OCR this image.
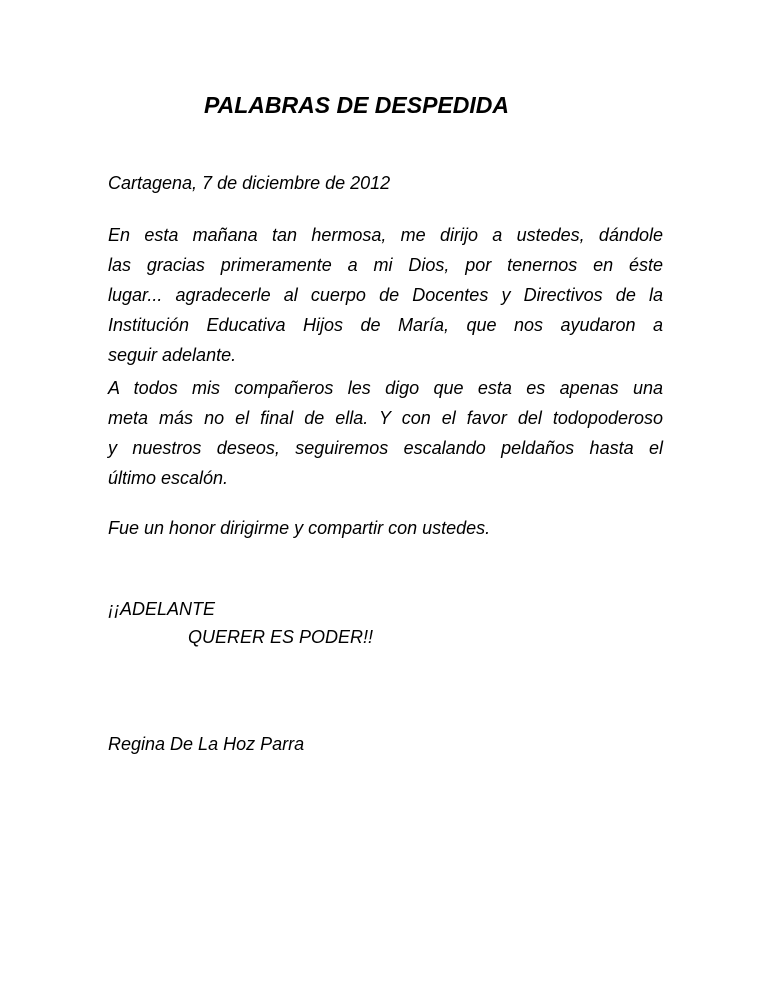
PALABRAS DE DESPEDIDA
Cartagena, 7 de diciembre de 2012
En esta mañana tan hermosa, me dirijo a ustedes, dándole
las gracias primeramente a mi Dios, por tenernos en éste
lugar... agradecerle al cuerpo de Docentes y Directivos de la
Institución Educativa Hijos de María, que nos ayudaron a
seguir adelante.
A todos mis compañeros les digo que esta es apenas una
meta más no el final de ella. Y con el favor del todopoderoso
y nuestros deseos, seguiremos escalando peldaños hasta el
último escalón.
Fue un honor dirigirme y compartir con ustedes.
¡¡ADELANTE
QUERER ES PODER!!
Regina De La Hoz Parra
